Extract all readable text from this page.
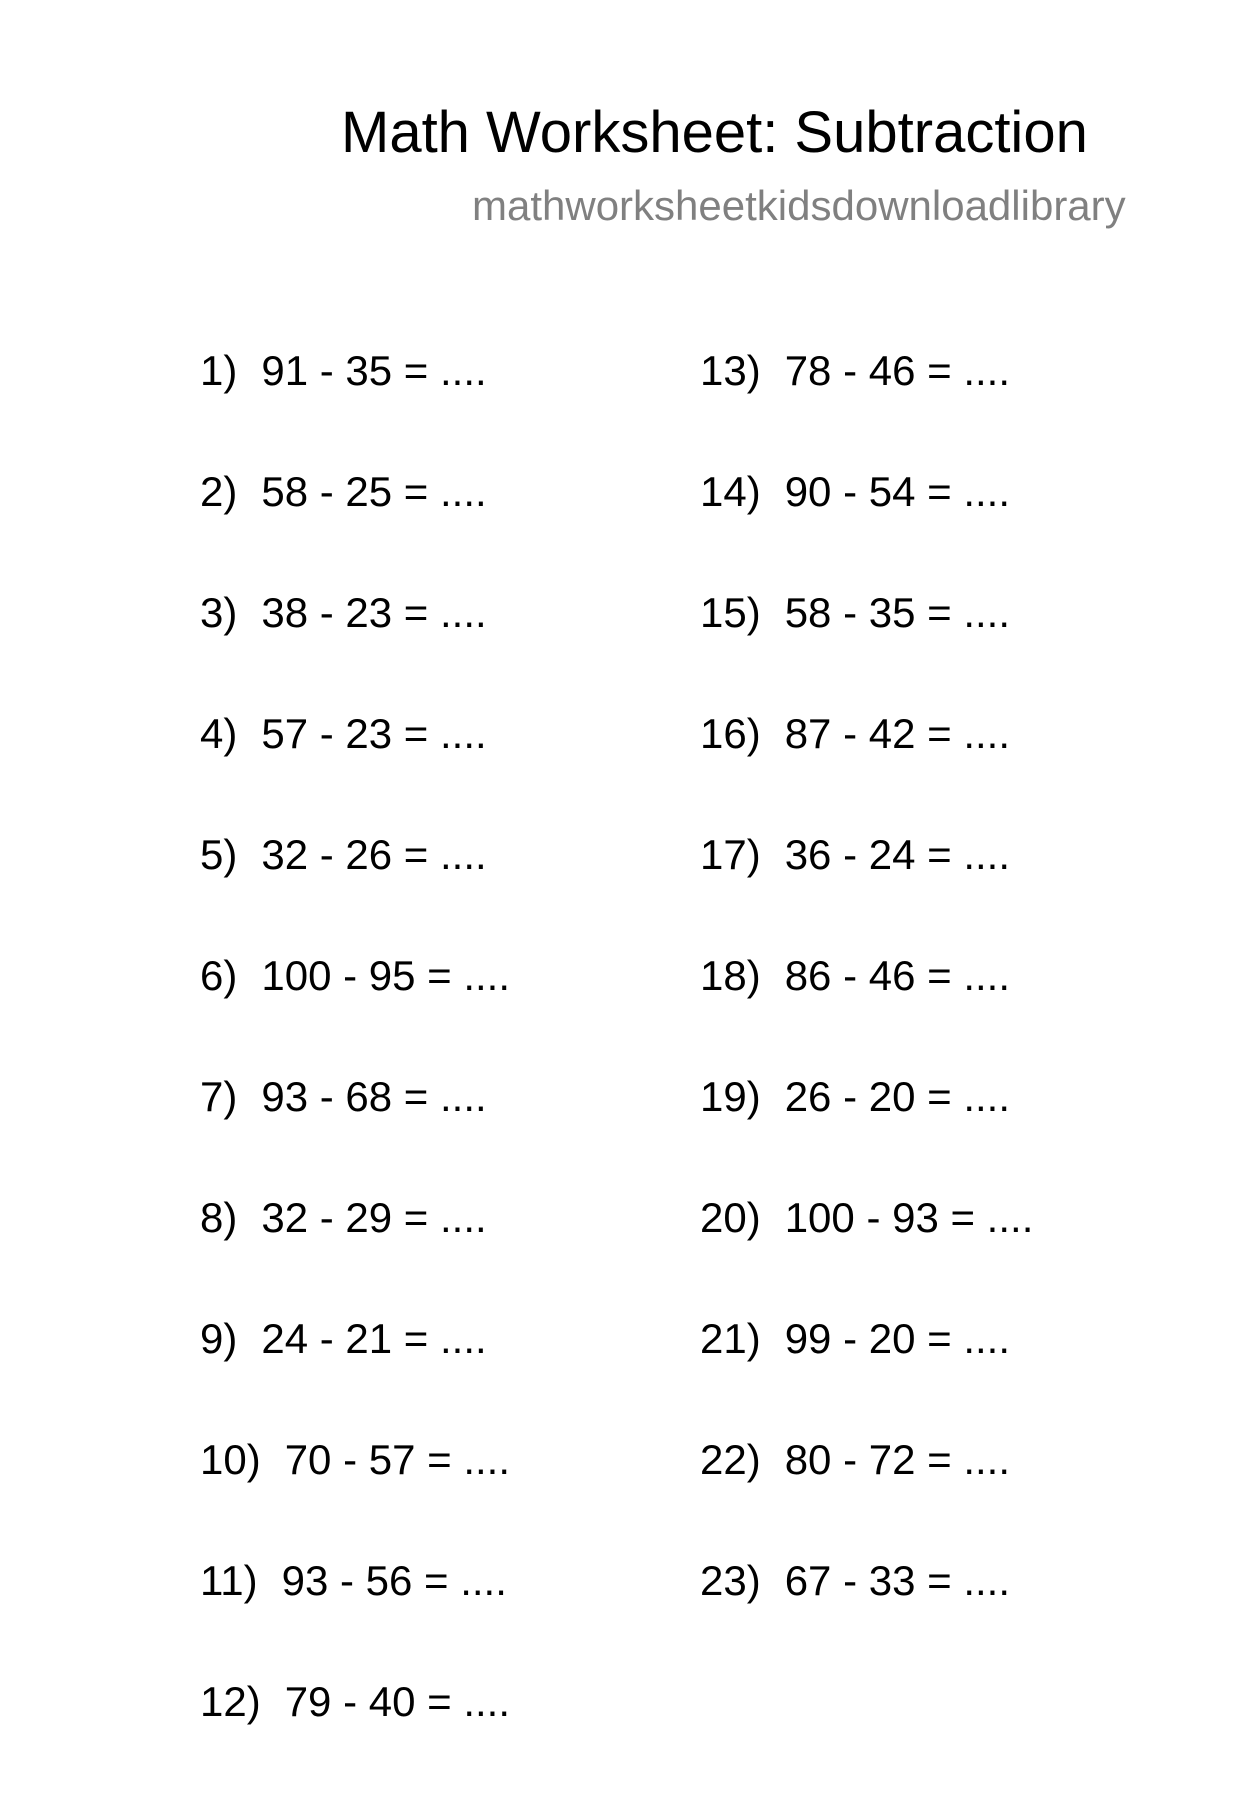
Math Worksheet: Subtraction
mathworksheetkidsdownloadlibrary
1) 91 - 35 = ....
2) 58 - 25 = ....
3) 38 - 23 = ....
4) 57 - 23 = ....
5) 32 - 26 = ....
6) 100 - 95 = ....
7) 93 - 68 = ....
8) 32 - 29 = ....
9) 24 - 21 = ....
10) 70 - 57 = ....
11) 93 - 56 = ....
12) 79 - 40 = ....
13) 78 - 46 = ....
14) 90 - 54 = ....
15) 58 - 35 = ....
16) 87 - 42 = ....
17) 36 - 24 = ....
18) 86 - 46 = ....
19) 26 - 20 = ....
20) 100 - 93 = ....
21) 99 - 20 = ....
22) 80 - 72 = ....
23) 67 - 33 = ....
